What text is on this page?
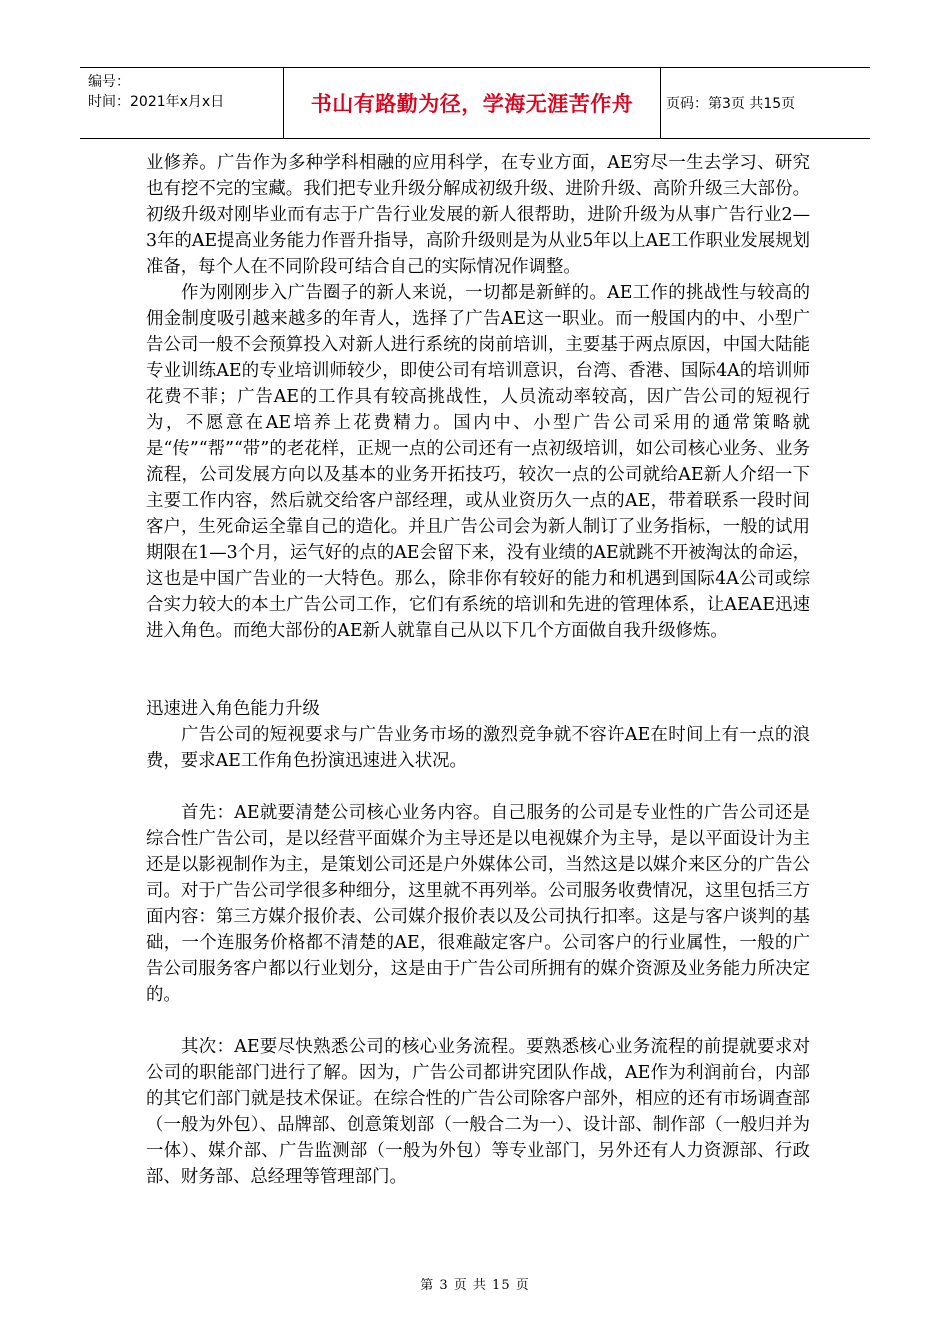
编号：
时间：2021年x月x日	书山有路勤为径，学海无涯苦作舟	页码：第3页 共15页

业修养。广告作为多种学科相融的应用科学，在专业方面，AE穷尽一生去学习、研究也有挖不完的宝藏。我们把专业升级分解成初级升级、进阶升级、高阶升级三大部份。初级升级对刚毕业而有志于广告行业发展的新人很帮助，进阶升级为从事广告行业2—3年的AE提高业务能力作晋升指导，高阶升级则是为从业5年以上AE工作职业发展规划准备，每个人在不同阶段可结合自己的实际情况作调整。

作为刚刚步入广告圈子的新人来说，一切都是新鲜的。AE工作的挑战性与较高的佣金制度吸引越来越多的年青人，选择了广告AE这一职业。而一般国内的中、小型广告公司一般不会预算投入对新人进行系统的岗前培训，主要基于两点原因，中国大陆能专业训练AE的专业培训师较少，即使公司有培训意识，台湾、香港、国际4A的培训师花费不菲；广告AE的工作具有较高挑战性，人员流动率较高，因广告公司的短视行为，不愿意在AE培养上花费精力。国内中、小型广告公司采用的通常策略就是“传”“帮”“带”的老花样，正规一点的公司还有一点初级培训，如公司核心业务、业务流程，公司发展方向以及基本的业务开拓技巧，较次一点的公司就给AE新人介绍一下主要工作内容，然后就交给客户部经理，或从业资历久一点的AE，带着联系一段时间客户，生死命运全靠自己的造化。并且广告公司会为新人制订了业务指标，一般的试用期限在1—3个月，运气好的点的AE会留下来，没有业绩的AE就跳不开被淘汰的命运，这也是中国广告业的一大特色。那么，除非你有较好的能力和机遇到国际4A公司或综合实力较大的本土广告公司工作，它们有系统的培训和先进的管理体系，让AEAE迅速进入角色。而绝大部份的AE新人就靠自己从以下几个方面做自我升级修炼。

迅速进入角色能力升级

广告公司的短视要求与广告业务市场的激烈竞争就不容许AE在时间上有一点的浪费，要求AE工作角色扮演迅速进入状况。

首先：AE就要清楚公司核心业务内容。自己服务的公司是专业性的广告公司还是综合性广告公司，是以经营平面媒介为主导还是以电视媒介为主导，是以平面设计为主还是以影视制作为主，是策划公司还是户外媒体公司，当然这是以媒介来区分的广告公司。对于广告公司学很多种细分，这里就不再列举。公司服务收费情况，这里包括三方面内容：第三方媒介报价表、公司媒介报价表以及公司执行扣率。这是与客户谈判的基础，一个连服务价格都不清楚的AE，很难敲定客户。公司客户的行业属性，一般的广告公司服务客户都以行业划分，这是由于广告公司所拥有的媒介资源及业务能力所决定的。

其次：AE要尽快熟悉公司的核心业务流程。要熟悉核心业务流程的前提就要求对公司的职能部门进行了解。因为，广告公司都讲究团队作战，AE作为利润前台，内部的其它们部门就是技术保证。在综合性的广告公司除客户部外，相应的还有市场调查部（一般为外包）、品牌部、创意策划部（一般合二为一）、设计部、制作部（一般归并为一体）、媒介部、广告监测部（一般为外包）等专业部门，另外还有人力资源部、行政部、财务部、总经理等管理部门。

第 3 页 共 15 页
